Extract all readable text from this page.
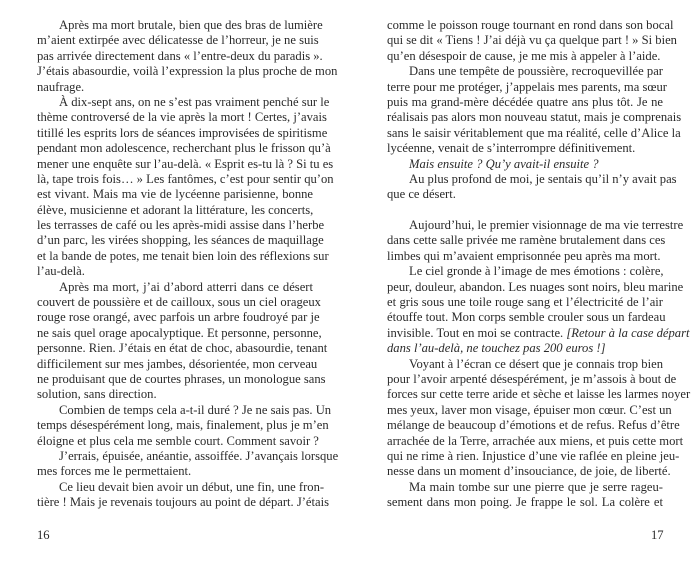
Après ma mort brutale, bien que des bras de lumière
m’aient extirpée avec délicatesse de l’horreur, je ne suis
pas arrivée directement dans « l’entre-deux du paradis ».
J’étais abasourdie, voilà l’expression la plus proche de mon
naufrage.
À dix-sept ans, on ne s’est pas vraiment penché sur le
thème controversé de la vie après la mort ! Certes, j’avais
titillé les esprits lors de séances improvisées de spiritisme
pendant mon adolescence, recherchant plus le frisson qu’à
mener une enquête sur l’au-delà. « Esprit es-tu là ? Si tu es
là, tape trois fois… » Les fantômes, c’est pour sentir qu’on
est vivant. Mais ma vie de lycéenne parisienne, bonne
élève, musicienne et adorant la littérature, les concerts,
les terrasses de café ou les après-midi assise dans l’herbe
d’un parc, les virées shopping, les séances de maquillage
et la bande de potes, me tenait bien loin des réflexions sur
l’au-delà.
Après ma mort, j’ai d’abord atterri dans ce désert
couvert de poussière et de cailloux, sous un ciel orageux
rouge rose orangé, avec parfois un arbre foudroyé par je
ne sais quel orage apocalyptique. Et personne, personne,
personne. Rien. J’étais en état de choc, abasourdie, tenant
difficilement sur mes jambes, désorientée, mon cerveau
ne produisant que de courtes phrases, un monologue sans
solution, sans direction.
Combien de temps cela a-t-il duré ? Je ne sais pas. Un
temps désespérément long, mais, finalement, plus je m’en
éloigne et plus cela me semble court. Comment savoir ?
J’errais, épuisée, anéantie, assoiffée. J’avançais lorsque
mes forces me le permettaient.
Ce lieu devait bien avoir un début, une fin, une fron-
tière ! Mais je revenais toujours au point de départ. J’étais
comme le poisson rouge tournant en rond dans son bocal
qui se dit « Tiens ! J’ai déjà vu ça quelque part ! » Si bien
qu’en désespoir de cause, je me mis à appeler à l’aide.
Dans une tempête de poussière, recroquevillée par
terre pour me protéger, j’appelais mes parents, ma sœur
puis ma grand-mère décédée quatre ans plus tôt. Je ne
réalisais pas alors mon nouveau statut, mais je comprenais
sans le saisir véritablement que ma réalité, celle d’Alice la
lycéenne, venait de s’interrompre définitivement.
Mais ensuite ? Qu’y avait-il ensuite ?
Au plus profond de moi, je sentais qu’il n’y avait pas
que ce désert.
Aujourd’hui, le premier visionnage de ma vie terrestre
dans cette salle privée me ramène brutalement dans ces
limbes qui m’avaient emprisonnée peu après ma mort.
Le ciel gronde à l’image de mes émotions : colère,
peur, douleur, abandon. Les nuages sont noirs, bleu marine
et gris sous une toile rouge sang et l’électricité de l’air
étouffe tout. Mon corps semble crouler sous un fardeau
invisible. Tout en moi se contracte. [Retour à la case départ
dans l’au-delà, ne touchez pas 200 euros !]
Voyant à l’écran ce désert que je connais trop bien
pour l’avoir arpenté désespérément, je m’assois à bout de
forces sur cette terre aride et sèche et laisse les larmes noyer
mes yeux, laver mon visage, épuiser mon cœur. C’est un
mélange de beaucoup d’émotions et de refus. Refus d’être
arrachée de la Terre, arrachée aux miens, et puis cette mort
qui ne rime à rien. Injustice d’une vie raflée en pleine jeu-
nesse dans un moment d’insouciance, de joie, de liberté.
Ma main tombe sur une pierre que je serre rageu-
sement dans mon poing. Je frappe le sol. La colère et
16	17
